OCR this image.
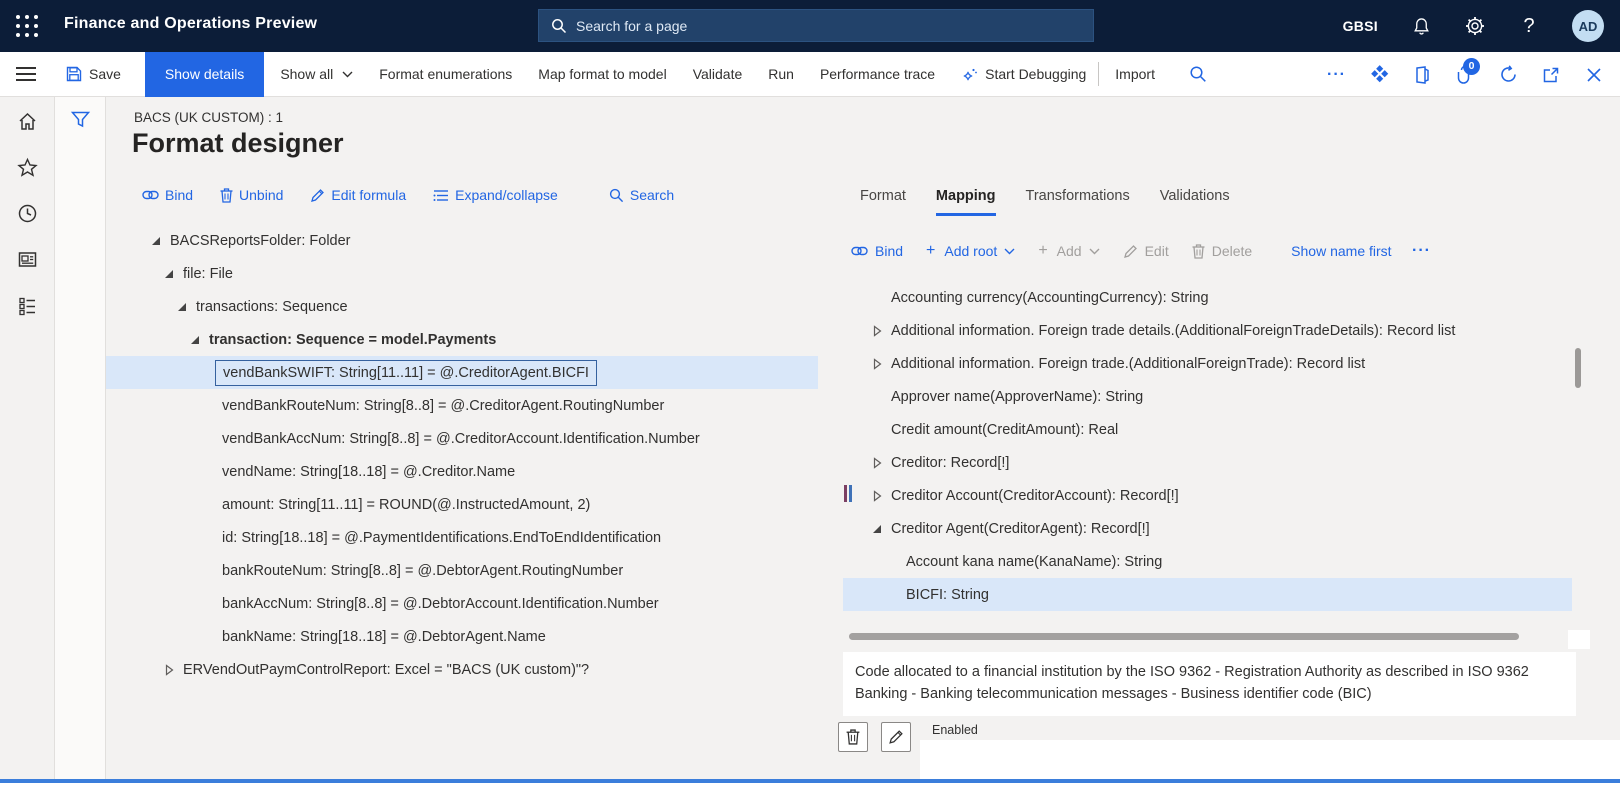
Finance and Operations Preview	Search for a page	GBSI	?	AD
Save	Show details	Show all	Format enumerations Map format to model Validate Run Performance trace	Start Debugging Import	···	0
BACS (UK CUSTOM) : 1
Format designer
Bind	Unbind	Edit formula	Expand/collapse	Search
BACSReportsFolder: Folder
file: File
transactions: Sequence
transaction: Sequence = model.Payments
vendBankSWIFT: String[11..11] = @.CreditorAgent.BICFI
vendBankRouteNum: String[8..8] = @.CreditorAgent.RoutingNumber
vendBankAccNum: String[8..8] = @.CreditorAccount.Identification.Number
vendName: String[18..18] = @.Creditor.Name
amount: String[11..11] = ROUND(@.InstructedAmount, 2)
id: String[18..18] = @.PaymentIdentifications.EndToEndIdentification
bankRouteNum: String[8..8] = @.DebtorAgent.RoutingNumber
bankAccNum: String[8..8] = @.DebtorAccount.Identification.Number
bankName: String[18..18] = @.DebtorAgent.Name
ERVendOutPaymControlReport: Excel = "BACS (UK custom)"?
Format Mapping Transformations Validations
Bind + Add root	+ Add	Edit	Delete	Show name first ···
Accounting currency(AccountingCurrency): String
Additional information. Foreign trade details.(AdditionalForeignTradeDetails): Record list
Additional information. Foreign trade.(AdditionalForeignTrade): Record list
Approver name(ApproverName): String
Credit amount(CreditAmount): Real
Creditor: Record[!]
Creditor Account(CreditorAccount): Record[!]
Creditor Agent(CreditorAgent): Record[!]
Account kana name(KanaName): String
BICFI: String
Code allocated to a financial institution by the ISO 9362 - Registration Authority as described in ISO 9362 Banking - Banking telecommunication messages - Business identifier code (BIC)
Enabled
